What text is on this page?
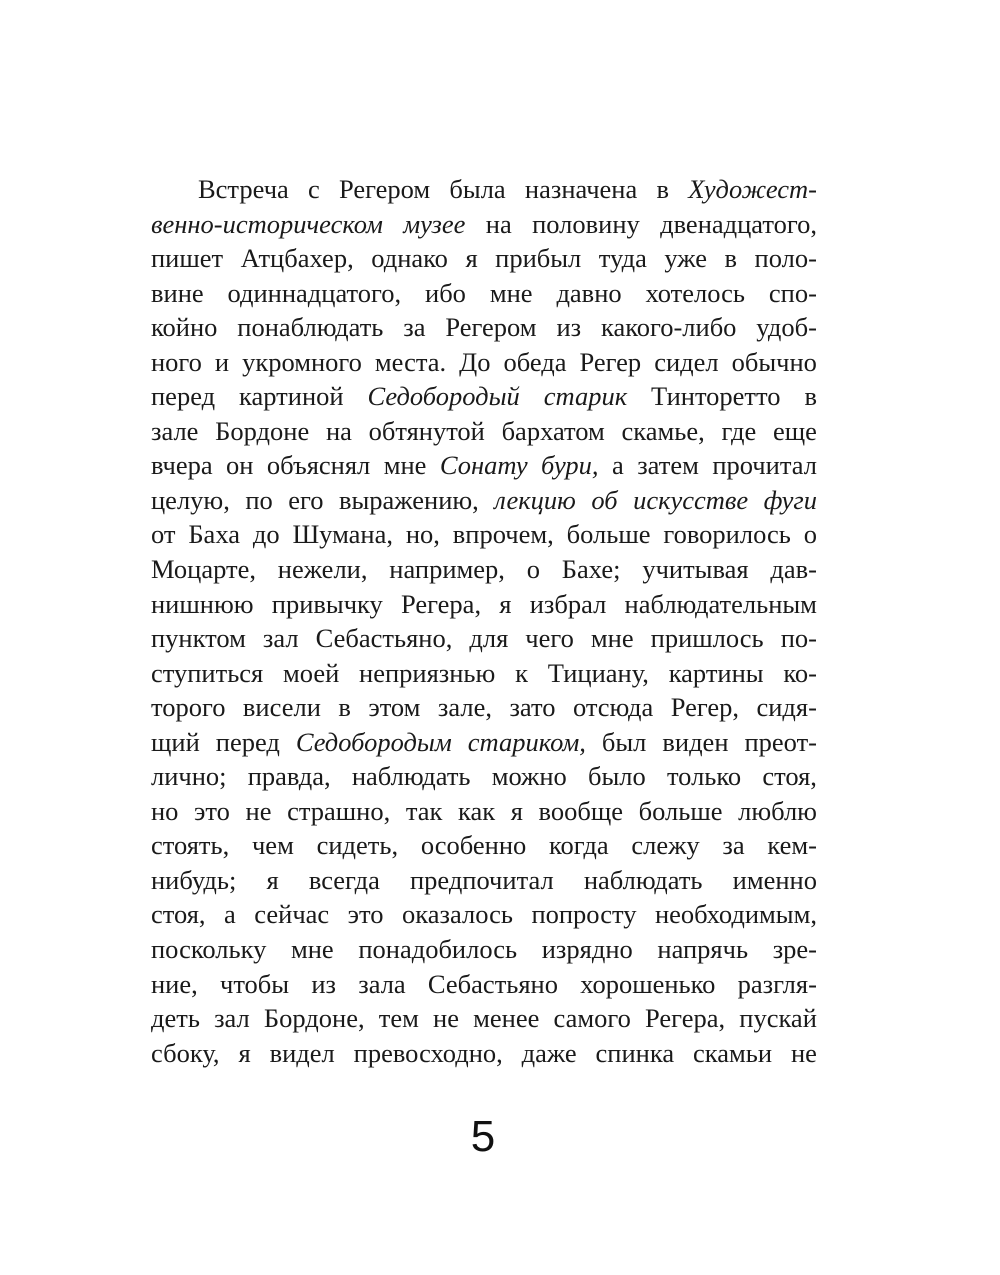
Встреча с Регером была назначена в Художест-
венно-историческом музее на половину двенадцатого,
пишет Атцбахер, однако я прибыл туда уже в поло-
вине одиннадцатого, ибо мне давно хотелось спо-
койно понаблюдать за Регером из какого-либо удоб-
ного и укромного места. До обеда Регер сидел обычно
перед картиной Седобородый старик Тинторетто в
зале Бордоне на обтянутой бархатом скамье, где еще
вчера он объяснял мне Сонату бури, а затем прочитал
целую, по его выражению, лекцию об искусстве фуги
от Баха до Шумана, но, впрочем, больше говорилось о
Моцарте, нежели, например, о Бахе; учитывая дав-
нишнюю привычку Регера, я избрал наблюдательным
пунктом зал Себастьяно, для чего мне пришлось по-
ступиться моей неприязнью к Тициану, картины ко-
торого висели в этом зале, зато отсюда Регер, сидя-
щий перед Седобородым стариком, был виден преот-
лично; правда, наблюдать можно было только стоя,
но это не страшно, так как я вообще больше люблю
стоять, чем сидеть, особенно когда слежу за кем-
нибудь; я всегда предпочитал наблюдать именно
стоя, а сейчас это оказалось попросту необходимым,
поскольку мне понадобилось изрядно напрячь зре-
ние, чтобы из зала Себастьяно хорошенько разгля-
деть зал Бордоне, тем не менее самого Регера, пускай
сбоку, я видел превосходно, даже спинка скамьи не
5
